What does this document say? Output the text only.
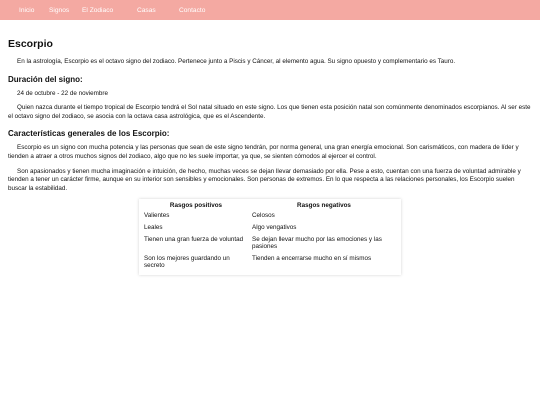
Inicio	Signos	El Zodiaco	Casas	Contacto
Escorpio

En la astrología, Escorpio es el octavo signo del zodiaco. Pertenece junto a Piscis y Cáncer, al elemento agua. Su signo opuesto y complementario es Tauro.

Duración del signo:

24 de octubre - 22 de noviembre

Quien nazca durante el tiempo tropical de Escorpio tendrá el Sol natal situado en este signo. Los que tienen esta posición natal son comúnmente denominados escorpianos. Al ser este el octavo signo del zodiaco, se asocia con la octava casa astrológica, que es el Ascendente.

Características generales de los Escorpio:

Escorpio es un signo con mucha potencia y las personas que sean de este signo tendrán, por norma general, una gran energía emocional. Son carismáticos, con madera de líder y tienden a atraer a otros muchos signos del zodiaco, algo que no les suele importar, ya que, se sienten cómodos al ejercer el control.

Son apasionados y tienen mucha imaginación e intuición, de hecho, muchas veces se dejan llevar demasiado por ella. Pese a esto, cuentan con una fuerza de voluntad admirable y tienden a tener un carácter firme, aunque en su interior son sensibles y emocionales. Son personas de extremos. En lo que respecta a las relaciones personales, los Escorpio suelen buscar la estabilidad.

Rasgos positivos	Rasgos negativos
Valientes	Celosos
Leales	Algo vengativos
Tienen una gran fuerza de voluntad	Se dejan llevar mucho por las emociones y las pasiones
Son los mejores guardando un secreto	Tienden a encerrarse mucho en sí mismos
